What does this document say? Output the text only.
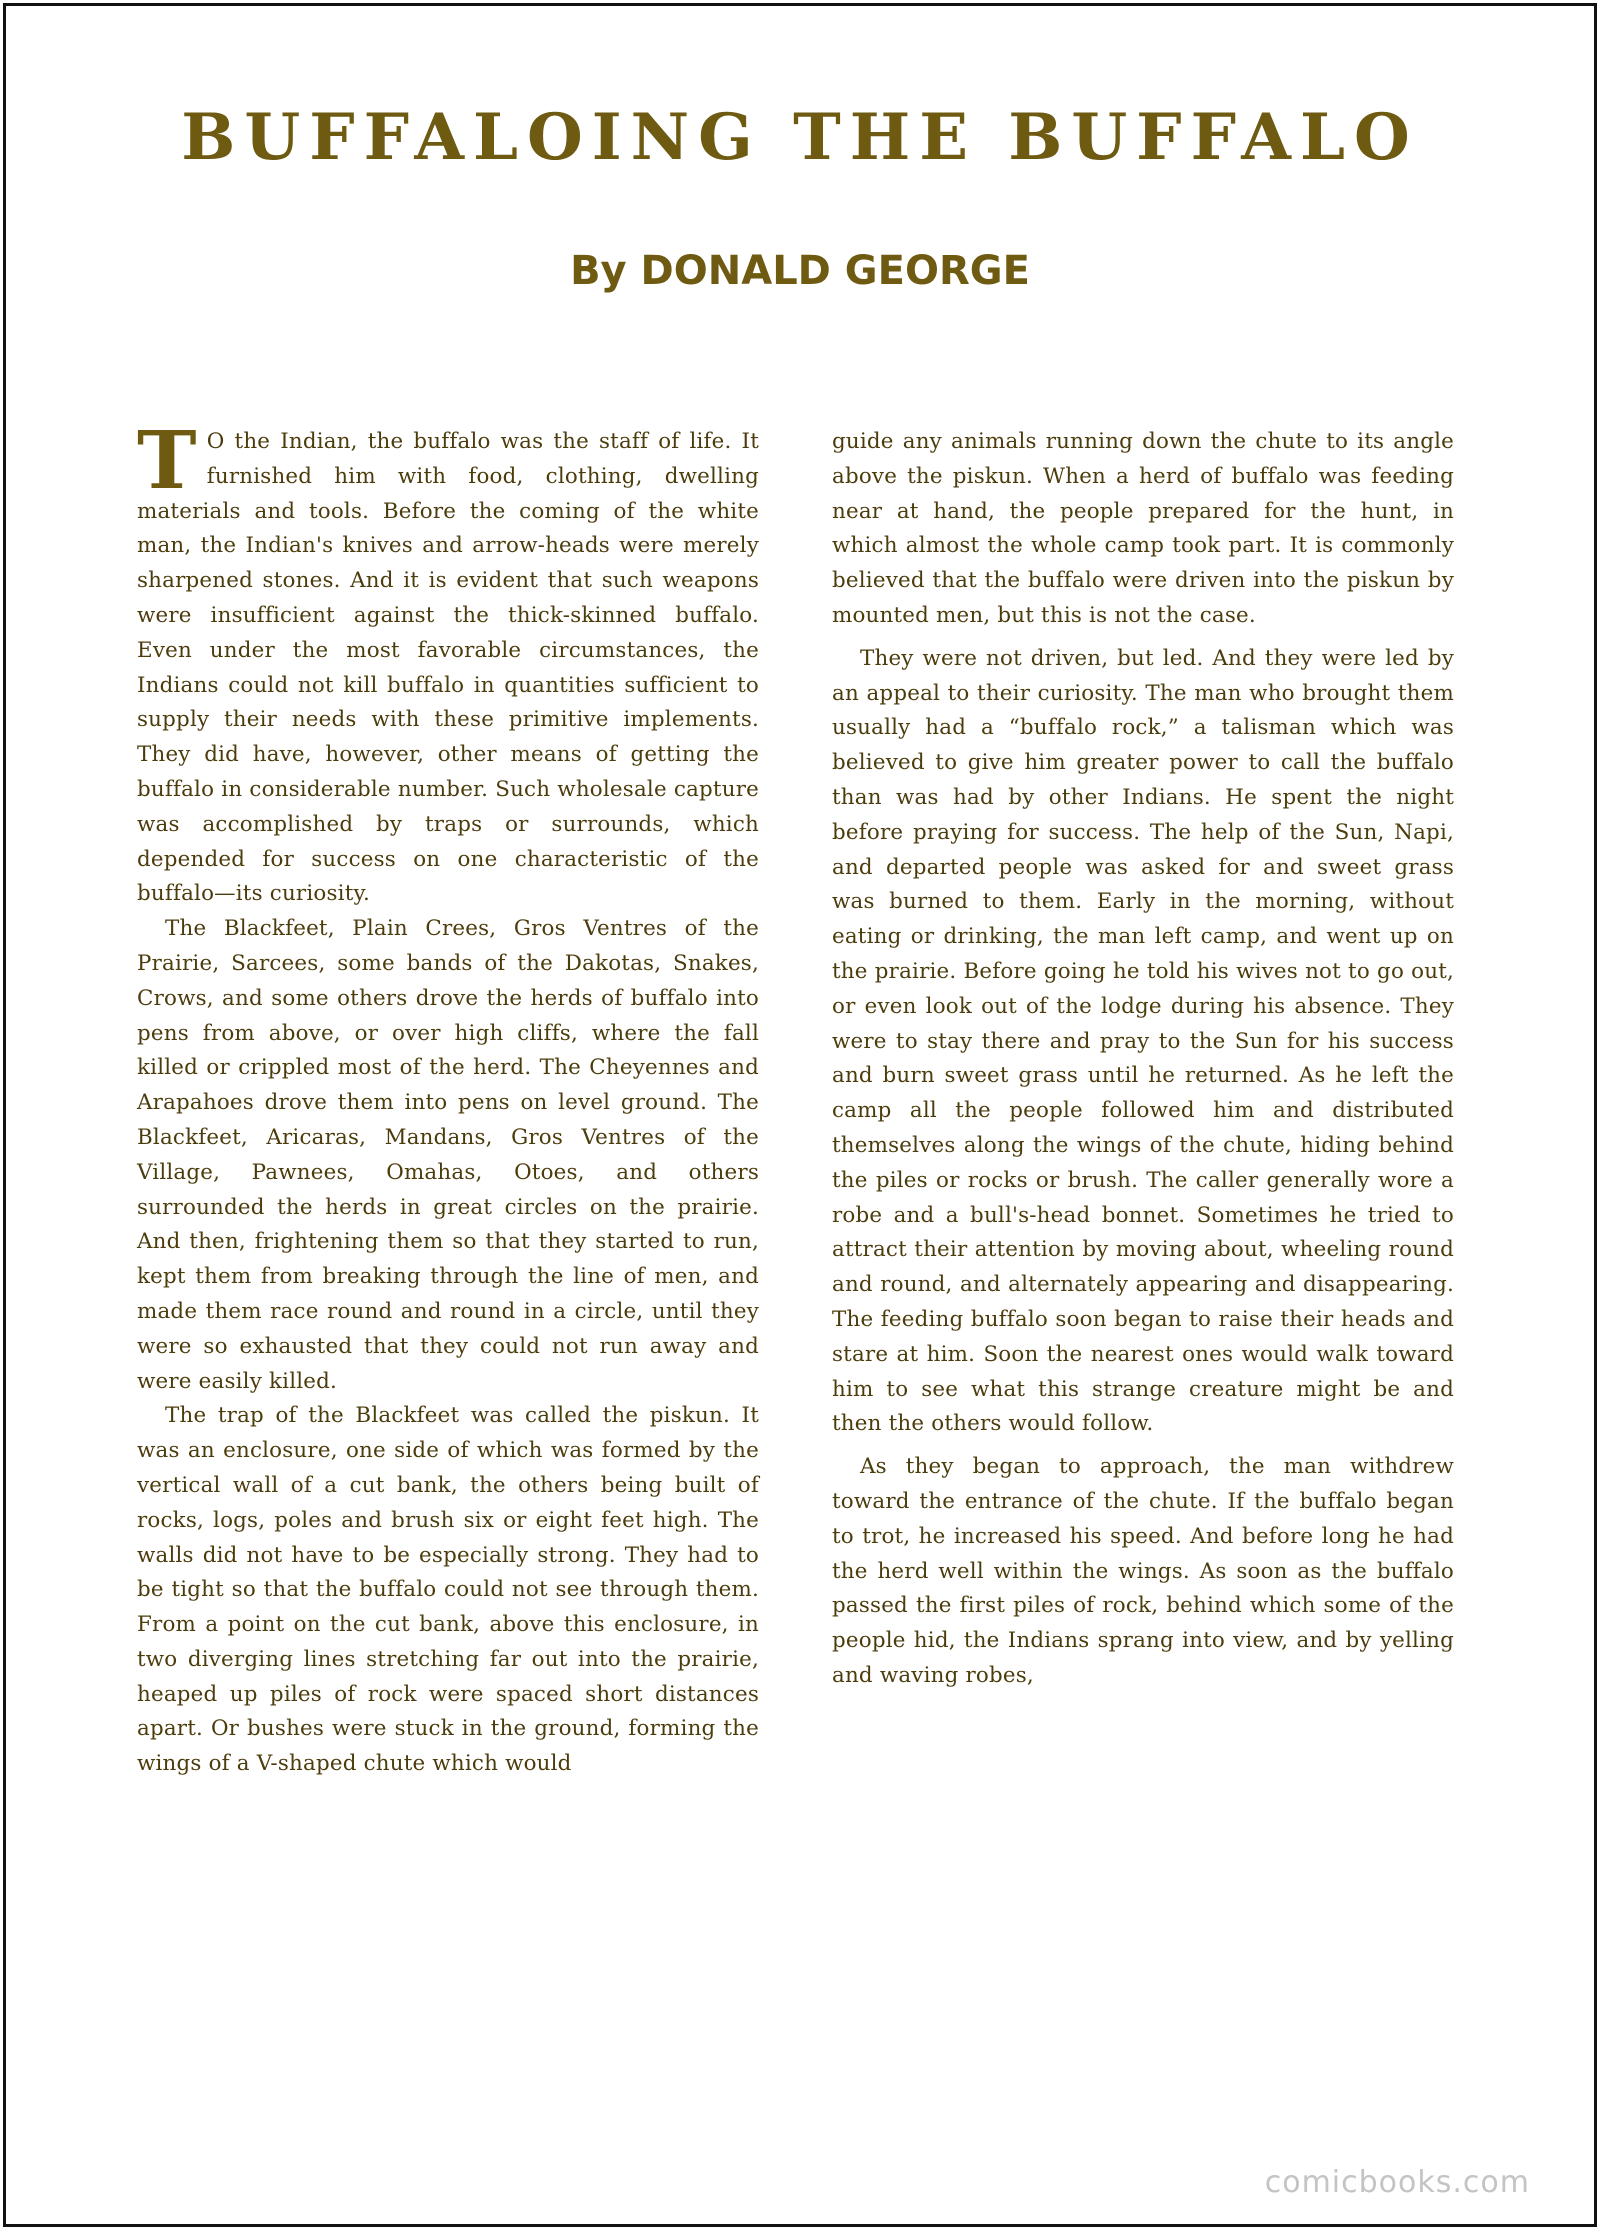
BUFFALOING THE BUFFALO
By DONALD GEORGE

T O the Indian, the buffalo was the staff of life. It furnished him with food, clothing, dwelling materials and tools. Before the coming of the white man, the Indian's knives and arrow-heads were merely sharpened stones. And it is evident that such weapons were insufficient against the thick-skinned buffalo. Even under the most favorable circumstances, the Indians could not kill buffalo in quantities sufficient to supply their needs with these primitive implements. They did have, however, other means of getting the buffalo in considerable number. Such wholesale capture was accomplished by traps or surrounds, which depended for success on one characteristic of the buffalo—its curiosity.

The Blackfeet, Plain Crees, Gros Ventres of the Prairie, Sarcees, some bands of the Dakotas, Snakes, Crows, and some others drove the herds of buffalo into pens from above, or over high cliffs, where the fall killed or crippled most of the herd. The Cheyennes and Arapahoes drove them into pens on level ground. The Blackfeet, Aricaras, Mandans, Gros Ventres of the Village, Pawnees, Omahas, Otoes, and others surrounded the herds in great circles on the prairie. And then, frightening them so that they started to run, kept them from breaking through the line of men, and made them race round and round in a circle, until they were so exhausted that they could not run away and were easily killed.

The trap of the Blackfeet was called the piskun. It was an enclosure, one side of which was formed by the vertical wall of a cut bank, the others being built of rocks, logs, poles and brush six or eight feet high. The walls did not have to be especially strong. They had to be tight so that the buffalo could not see through them. From a point on the cut bank, above this enclosure, in two diverging lines stretching far out into the prairie, heaped up piles of rock were spaced short distances apart. Or bushes were stuck in the ground, forming the wings of a V-shaped chute which would

guide any animals running down the chute to its angle above the piskun. When a herd of buffalo was feeding near at hand, the people prepared for the hunt, in which almost the whole camp took part. It is commonly believed that the buffalo were driven into the piskun by mounted men, but this is not the case.

They were not driven, but led. And they were led by an appeal to their curiosity. The man who brought them usually had a “buffalo rock,” a talisman which was believed to give him greater power to call the buffalo than was had by other Indians. He spent the night before praying for success. The help of the Sun, Napi, and departed people was asked for and sweet grass was burned to them. Early in the morning, without eating or drinking, the man left camp, and went up on the prairie. Before going he told his wives not to go out, or even look out of the lodge during his absence. They were to stay there and pray to the Sun for his success and burn sweet grass until he returned. As he left the camp all the people followed him and distributed themselves along the wings of the chute, hiding behind the piles or rocks or brush. The caller generally wore a robe and a bull's-head bonnet. Sometimes he tried to attract their attention by moving about, wheeling round and round, and alternately appearing and disappearing. The feeding buffalo soon began to raise their heads and stare at him. Soon the nearest ones would walk toward him to see what this strange creature might be and then the others would follow.

As they began to approach, the man withdrew toward the entrance of the chute. If the buffalo began to trot, he increased his speed. And before long he had the herd well within the wings. As soon as the buffalo passed the first piles of rock, behind which some of the people hid, the Indians sprang into view, and by yelling and waving robes,

comicbooks.com
